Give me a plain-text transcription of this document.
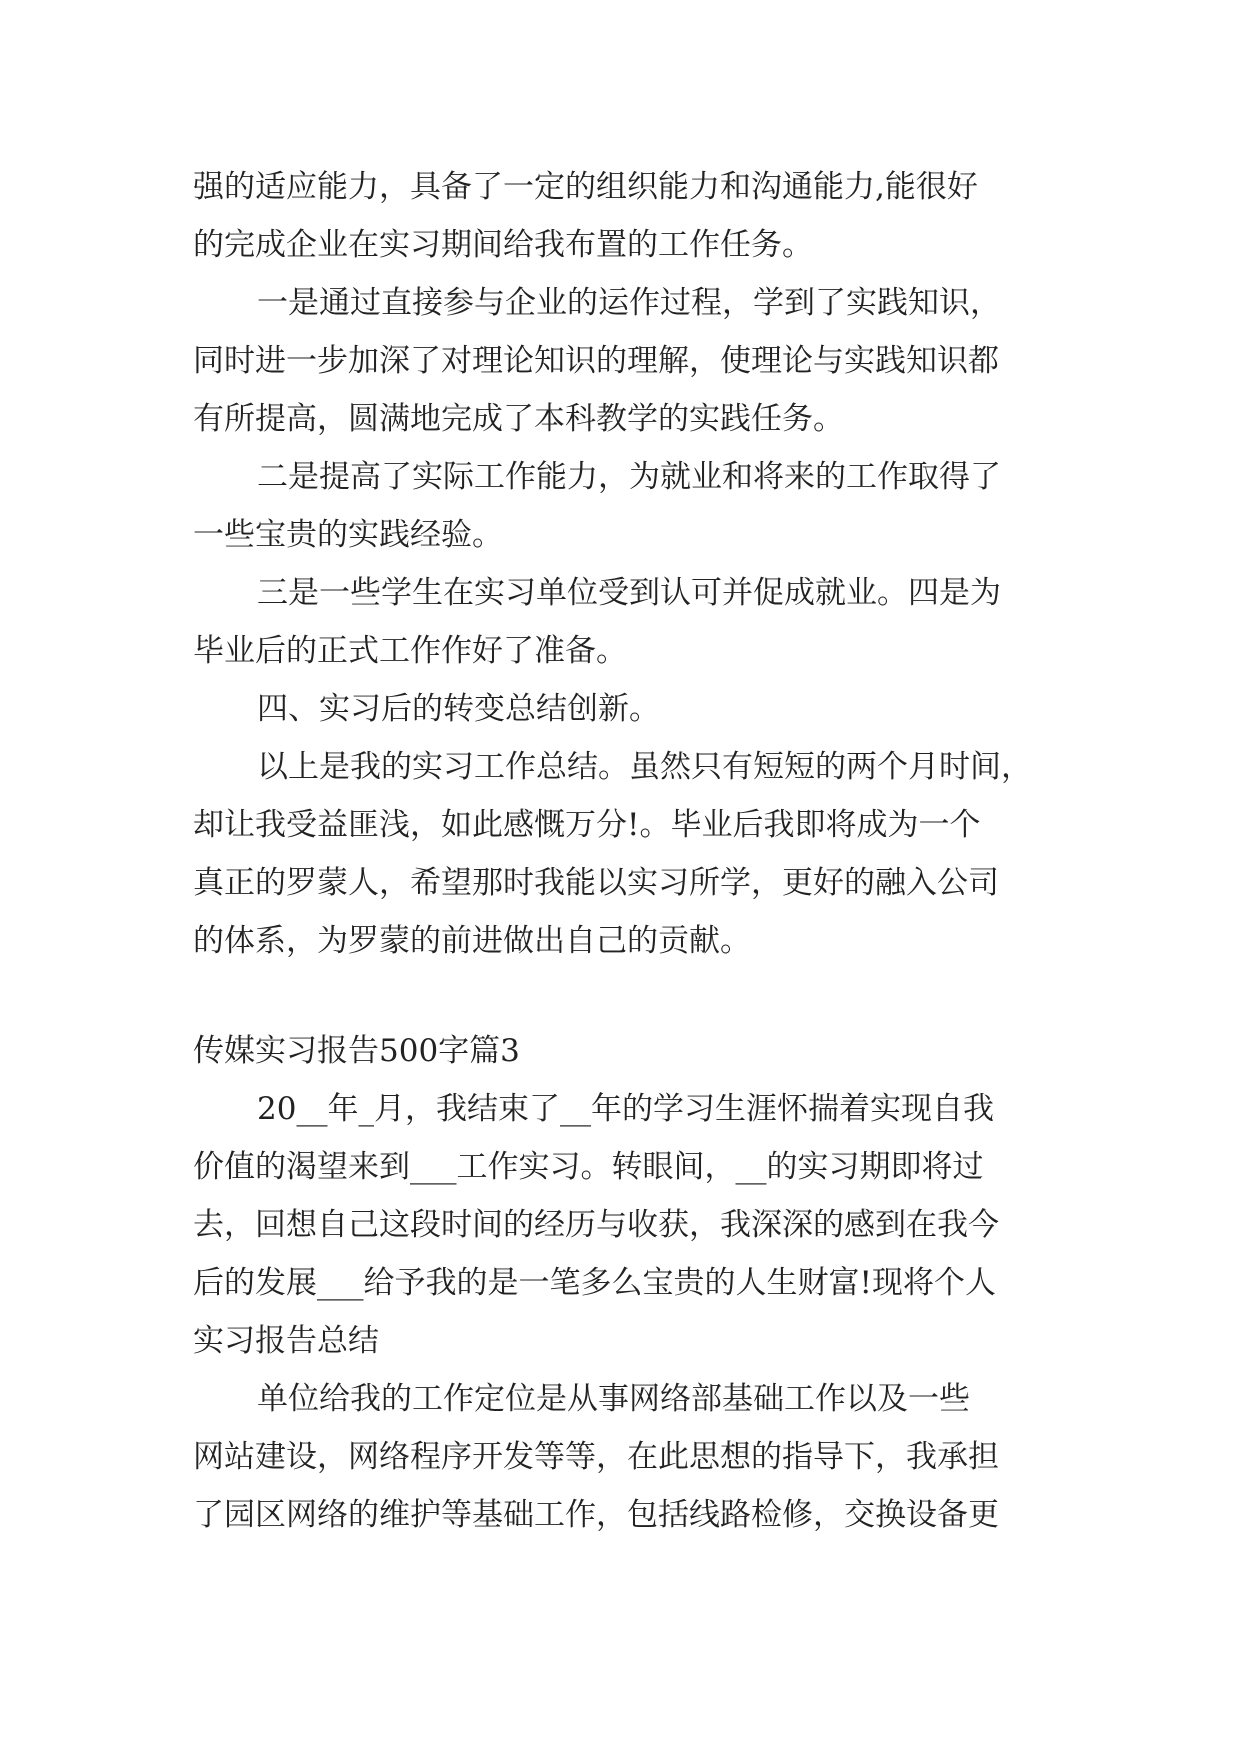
强的适应能力，具备了一定的组织能力和沟通能力,能很好
的完成企业在实习期间给我布置的工作任务。
一是通过直接参与企业的运作过程，学到了实践知识，
同时进一步加深了对理论知识的理解，使理论与实践知识都
有所提高，圆满地完成了本科教学的实践任务。
二是提高了实际工作能力，为就业和将来的工作取得了
一些宝贵的实践经验。
三是一些学生在实习单位受到认可并促成就业。四是为
毕业后的正式工作作好了准备。
四、实习后的转变总结创新。
以上是我的实习工作总结。虽然只有短短的两个月时间，
却让我受益匪浅，如此感慨万分!。毕业后我即将成为一个
真正的罗蒙人，希望那时我能以实习所学，更好的融入公司
的体系，为罗蒙的前进做出自己的贡献。
传媒实习报告500字篇3
20__年_月，我结束了__年的学习生涯怀揣着实现自我
价值的渴望来到___工作实习。转眼间，__的实习期即将过
去，回想自己这段时间的经历与收获，我深深的感到在我今
后的发展___给予我的是一笔多么宝贵的人生财富!现将个人
实习报告总结
单位给我的工作定位是从事网络部基础工作以及一些
网站建设，网络程序开发等等，在此思想的指导下，我承担
了园区网络的维护等基础工作，包括线路检修，交换设备更
